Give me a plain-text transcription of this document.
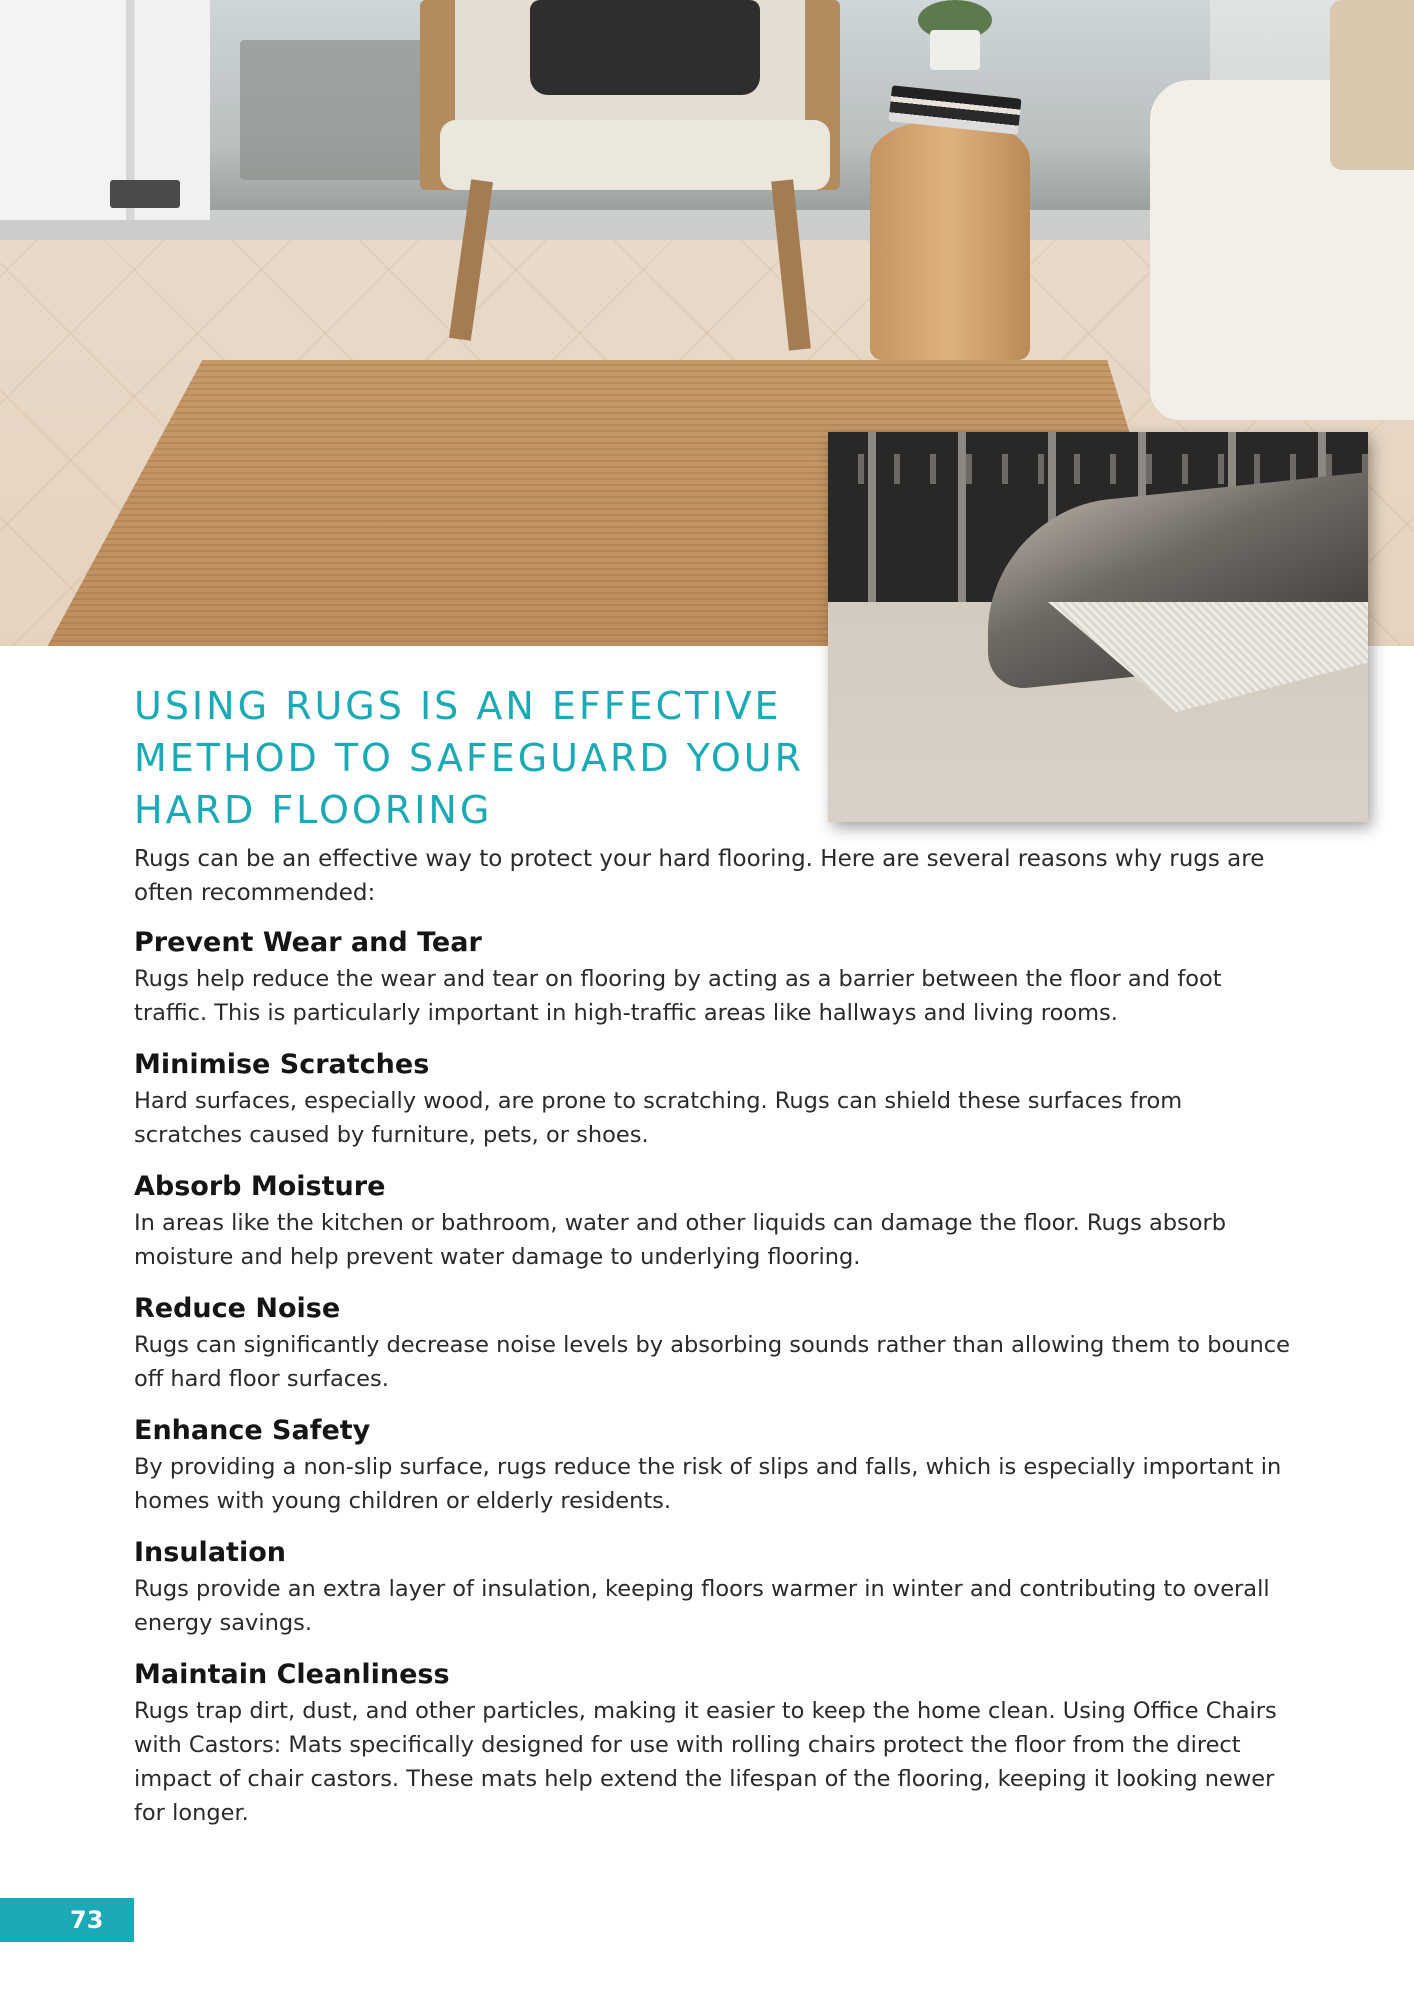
USING RUGS IS AN EFFECTIVE
METHOD TO SAFEGUARD YOUR
HARD FLOORING

Rugs can be an effective way to protect your hard flooring. Here are several reasons why rugs are often recommended:

Prevent Wear and Tear

Rugs help reduce the wear and tear on flooring by acting as a barrier between the floor and foot traffic. This is particularly important in high-traffic areas like hallways and living rooms.

Minimise Scratches

Hard surfaces, especially wood, are prone to scratching. Rugs can shield these surfaces from scratches caused by furniture, pets, or shoes.

Absorb Moisture

In areas like the kitchen or bathroom, water and other liquids can damage the floor. Rugs absorb moisture and help prevent water damage to underlying flooring.

Reduce Noise

Rugs can significantly decrease noise levels by absorbing sounds rather than allowing them to bounce off hard floor surfaces.

Enhance Safety

By providing a non-slip surface, rugs reduce the risk of slips and falls, which is especially important in homes with young children or elderly residents.

Insulation

Rugs provide an extra layer of insulation, keeping floors warmer in winter and contributing to overall energy savings.

Maintain Cleanliness

Rugs trap dirt, dust, and other particles, making it easier to keep the home clean. Using Office Chairs with Castors: Mats specifically designed for use with rolling chairs protect the floor from the direct impact of chair castors. These mats help extend the lifespan of the flooring, keeping it looking newer for longer.

73
